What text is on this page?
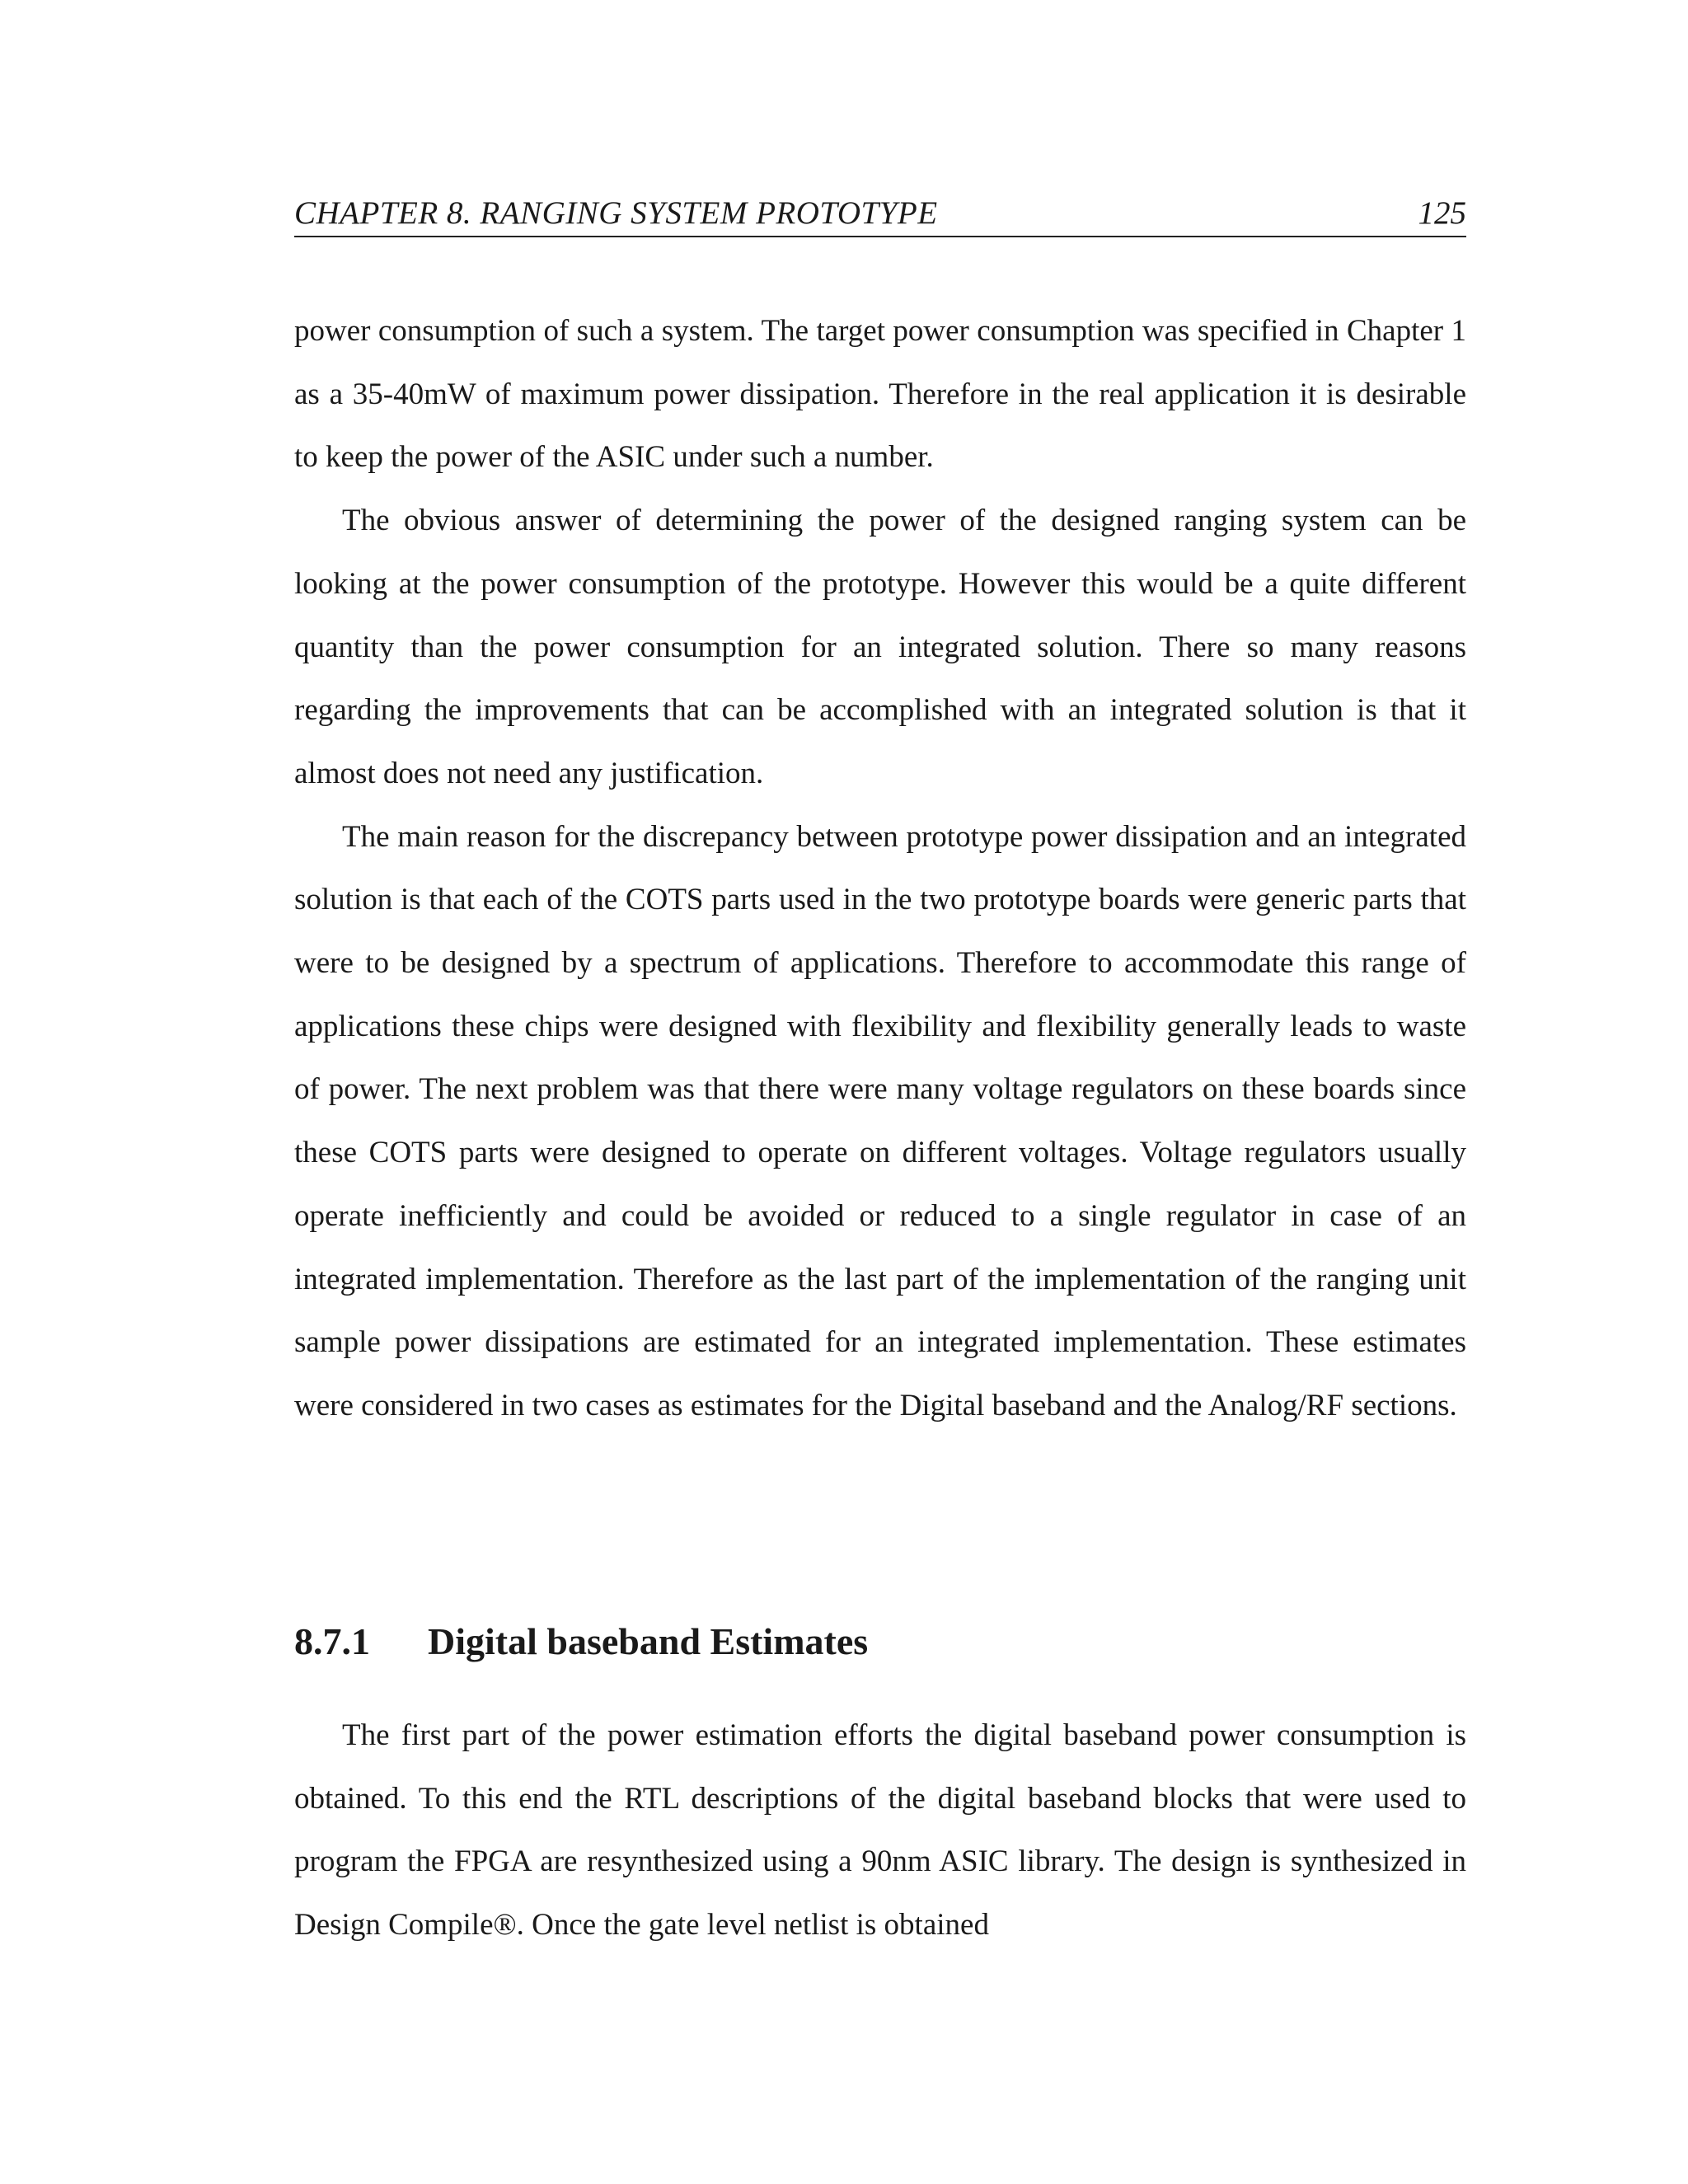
CHAPTER 8. RANGING SYSTEM PROTOTYPE	125

power consumption of such a system. The target power consumption was specified in Chapter 1 as a 35-40mW of maximum power dissipation. Therefore in the real application it is desirable to keep the power of the ASIC under such a number.

The obvious answer of determining the power of the designed ranging system can be looking at the power consumption of the prototype. However this would be a quite different quantity than the power consumption for an integrated solution. There so many reasons regarding the improvements that can be accomplished with an integrated solution is that it almost does not need any justification.

The main reason for the discrepancy between prototype power dissipation and an integrated solution is that each of the COTS parts used in the two prototype boards were generic parts that were to be designed by a spectrum of applications. Therefore to accommodate this range of applications these chips were designed with flexibility and flexibility generally leads to waste of power. The next problem was that there were many voltage regulators on these boards since these COTS parts were designed to operate on different voltages. Voltage regulators usually operate inefficiently and could be avoided or reduced to a single regulator in case of an integrated implementation. Therefore as the last part of the implementation of the ranging unit sample power dissipations are estimated for an integrated implementation. These estimates were considered in two cases as estimates for the Digital baseband and the Analog/RF sections.

8.7.1 Digital baseband Estimates

The first part of the power estimation efforts the digital baseband power consumption is obtained. To this end the RTL descriptions of the digital baseband blocks that were used to program the FPGA are resynthesized using a 90nm ASIC library. The design is synthesized in Design Compile®. Once the gate level netlist is obtained
